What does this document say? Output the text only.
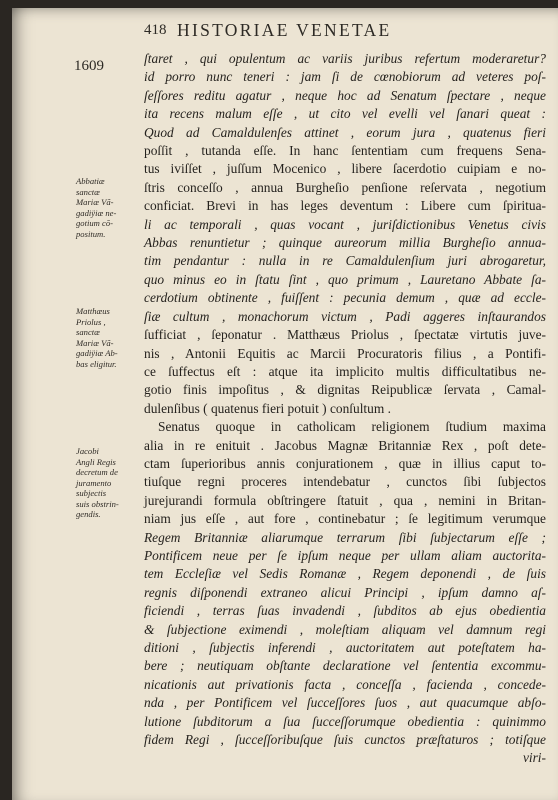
418 HISTORIAE VENETAE
1609
Abbatiæ
sanctæ
Mariæ Vã-
gadiÿiæ ne-
gotium cō-
positum.
Matthæus
Priolus ,
sanctæ
Mariæ Vã-
gadiÿiæ Ab-
bas eligitur.
Jacobi
Angli Regis
decretum de
juramento
subjectis
suis obstrin-
gendis.
ſtaret , qui opulentum ac variis juribus refertum moderaretur?
id porro nunc teneri : jam ſi de cœnobiorum ad veteres poſ-
ſeſſores reditu agatur , neque hoc ad Senatum ſpectare , neque
ita recens malum eſſe , ut cito vel evelli vel ſanari queat :
Quod ad Camaldulenſes attinet , eorum jura , quatenus fieri
poſſit , tutanda eſſe. In hanc ſententiam cum frequens Sena-
tus iviſſet , juſſum Mocenico , libere ſacerdotio cuipiam e no-
ſtris conceſſo , annua Burgheſio penſione reſervata , negotium
conficiat. Brevi in has leges deventum : Libere cum ſpiritua-
li ac temporali , quas vocant , juriſdictionibus Venetus civis
Abbas renuntietur ; quinque aureorum millia Burgheſio annua-
tim pendantur : nulla in re Camaldulenſium juri abrogaretur,
quo minus eo in ſtatu ſint , quo primum , Lauretano Abbate ſa-
cerdotium obtinente , fuiſſent : pecunia demum , quæ ad eccle-
ſiæ cultum , monachorum victum , Padi aggeres inſtaurandos
ſufficiat , ſeponatur . Matthæus Priolus , ſpectatæ virtutis juve-
nis , Antonii Equitis ac Marcii Procuratoris filius , a Pontifi-
ce ſuffectus eſt : atque ita implicito multis difficultatibus ne-
gotio finis impoſitus , & dignitas Reipublicæ ſervata , Camal-
dulenſibus ( quatenus fieri potuit ) conſultum .
Senatus quoque in catholicam religionem ſtudium maxima
alia in re enituit . Jacobus Magnæ Britanniæ Rex , poſt dete-
ctam ſuperioribus annis conjurationem , quæ in illius caput to-
tiuſque regni proceres intendebatur , cunctos ſibi ſubjectos
jurejurandi formula obſtringere ſtatuit , qua , nemini in Britan-
niam jus eſſe , aut fore , continebatur ; ſe legitimum verumque
Regem Britanniæ aliarumque terrarum ſibi ſubjectarum eſſe ;
Pontificem neue per ſe ipſum neque per ullam aliam auctorita-
tem Eccleſiæ vel Sedis Romanæ , Regem deponendi , de ſuis
regnis diſponendi extraneo alicui Principi , ipſum damno aſ-
ficiendi , terras ſuas invadendi , ſubditos ab ejus obedientia
& ſubjectione eximendi , moleſtiam aliquam vel damnum regi
ditioni , ſubjectis inferendi , auctoritatem aut poteſtatem ha-
bere ; neutiquam obſtante declaratione vel ſententia excommu-
nicationis aut privationis facta , conceſſa , facienda , concede-
nda , per Pontificem vel ſucceſſores ſuos , aut quacumque abſo-
lutione ſubditorum a ſua ſucceſſorumque obedientia : quinimmo
fidem Regi , ſucceſſoribuſque ſuis cunctos præſtaturos ; totiſque
viri-
